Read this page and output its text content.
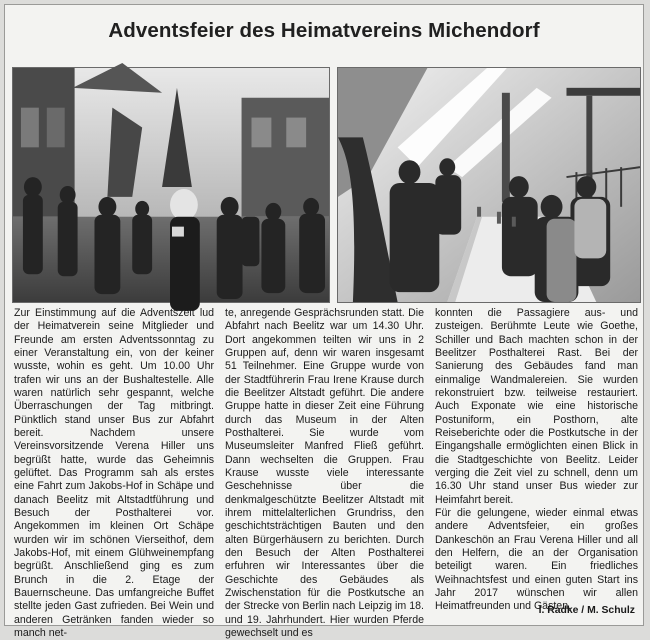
Adventsfeier des Heimatvereins Michendorf

Zur Einstimmung auf die Adventszeit lud der Heimatverein seine Mitglieder und Freunde am ersten Adventssonntag zu einer Veranstaltung ein, von der keiner wusste, wohin es geht. Um 10.00 Uhr trafen wir uns an der Bushaltestelle. Alle waren natürlich sehr gespannt, welche Überraschungen der Tag mitbringt. Pünktlich stand unser Bus zur Abfahrt bereit. Nachdem unsere Vereinsvorsitzende Verena Hiller uns begrüßt hatte, wurde das Geheimnis gelüftet. Das Programm sah als erstes eine Fahrt zum Jakobs-Hof in Schäpe und danach Beelitz mit Altstadtführung und Besuch der Posthalterei vor. Angekommen im kleinen Ort Schäpe wurden wir im schönen Vierseithof, dem Jakobs-Hof, mit einem Glühweinempfang begrüßt. Anschließend ging es zum Brunch in die 2. Etage der Bauernscheune. Das umfangreiche Buffet stellte jeden Gast zufrieden. Bei Wein und anderen Getränken fanden wieder so manch net-

te, anregende Gesprächsrunden statt. Die Abfahrt nach Beelitz war um 14.30 Uhr. Dort angekommen teilten wir uns in 2 Gruppen auf, denn wir waren insgesamt 51 Teilnehmer. Eine Gruppe wurde von der Stadtführerin Frau Irene Krause durch die Beelitzer Altstadt geführt. Die andere Gruppe hatte in dieser Zeit eine Führung durch das Museum in der Alten Posthalterei. Sie wurde vom Museumsleiter Manfred Fließ geführt. Dann wechselten die Gruppen. Frau Krause wusste viele interessante Geschehnisse über die denkmalgeschützte Beelitzer Altstadt mit ihrem mittelalterlichen Grundriss, den geschichtsträchtigen Bauten und den alten Bürgerhäusern zu berichten. Durch den Besuch der Alten Posthalterei erfuhren wir Interessantes über die Geschichte des Gebäudes als Zwischenstation für die Postkutsche an der Strecke von Berlin nach Leipzig im 18. und 19. Jahrhundert. Hier wurden Pferde gewechselt und es

konnten die Passagiere aus- und zusteigen. Berühmte Leute wie Goethe, Schiller und Bach machten schon in der Beelitzer Posthalterei Rast. Bei der Sanierung des Gebäudes fand man einmalige Wandmalereien. Sie wurden rekonstruiert bzw. teilweise restauriert. Auch Exponate wie eine historische Postuniform, ein Posthorn, alte Reiseberichte oder die Postkutsche in der Eingangshalle ermöglichten einen Blick in die Stadtgeschichte von Beelitz. Leider verging die Zeit viel zu schnell, denn um 16.30 Uhr stand unser Bus wieder zur Heimfahrt bereit.

Für die gelungene, wieder einmal etwas andere Adventsfeier, ein großes Dankeschön an Frau Verena Hiller und all den Helfern, die an der Organisation beteiligt waren. Ein friedliches Weihnachtsfest und einen guten Start ins Jahr 2017 wünschen wir allen Heimatfreunden und Gästen.

I. Radke / M. Schulz
